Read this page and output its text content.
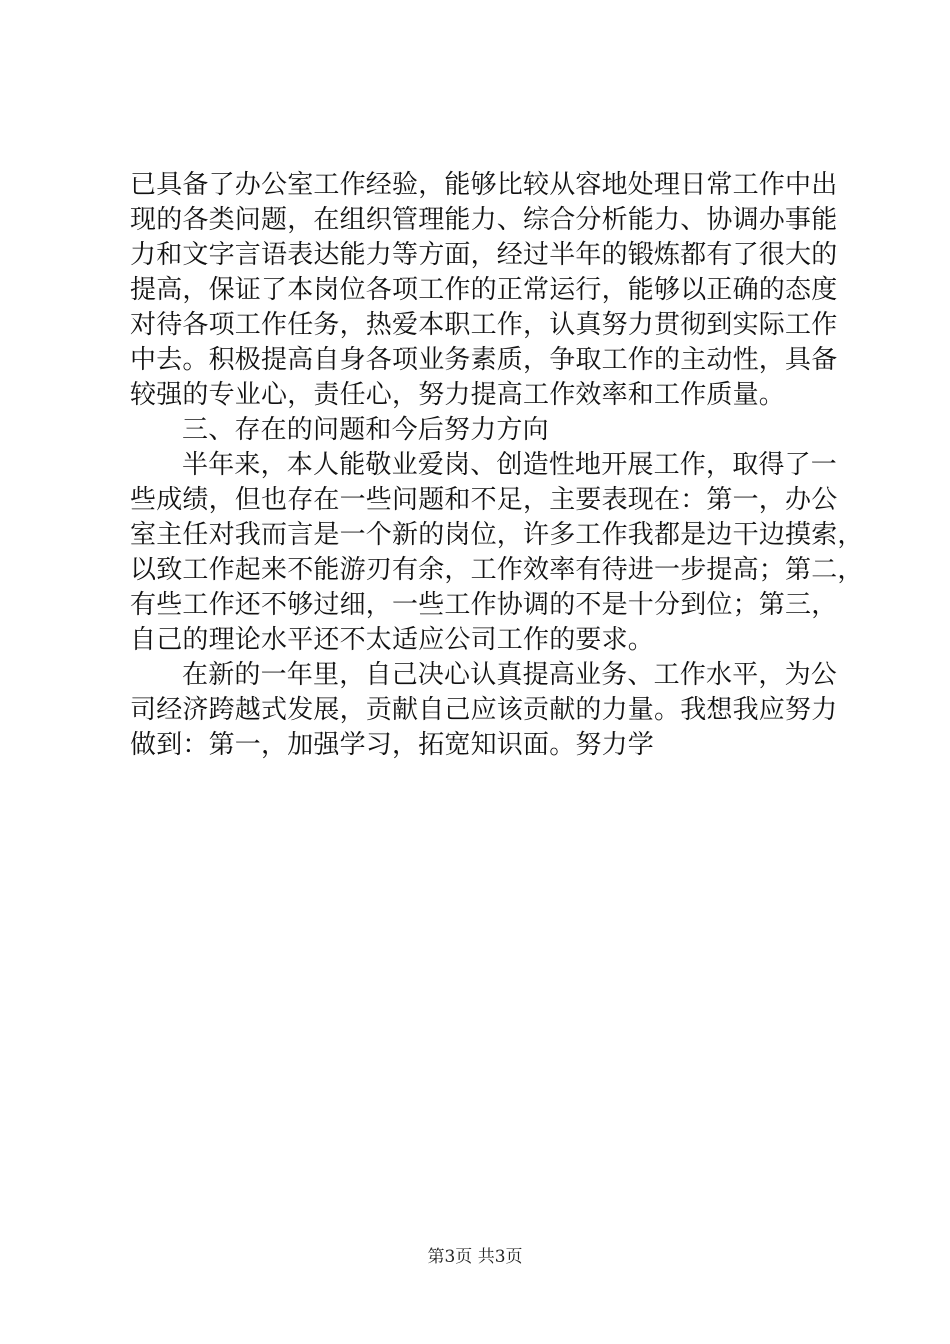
已具备了办公室工作经验，能够比较从容地处理日常工作中出
现的各类问题，在组织管理能力、综合分析能力、协调办事能
力和文字言语表达能力等方面，经过半年的锻炼都有了很大的
提高，保证了本岗位各项工作的正常运行，能够以正确的态度
对待各项工作任务，热爱本职工作，认真努力贯彻到实际工作
中去。积极提高自身各项业务素质，争取工作的主动性，具备
较强的专业心，责任心，努力提高工作效率和工作质量。
三、存在的问题和今后努力方向
半年来，本人能敬业爱岗、创造性地开展工作，取得了一
些成绩，但也存在一些问题和不足，主要表现在：第一，办公
室主任对我而言是一个新的岗位，许多工作我都是边干边摸索，
以致工作起来不能游刃有余，工作效率有待进一步提高；第二，
有些工作还不够过细，一些工作协调的不是十分到位；第三，
自己的理论水平还不太适应公司工作的要求。
在新的一年里，自己决心认真提高业务、工作水平，为公
司经济跨越式发展，贡献自己应该贡献的力量。我想我应努力
做到：第一，加强学习，拓宽知识面。努力学
第3页 共3页
